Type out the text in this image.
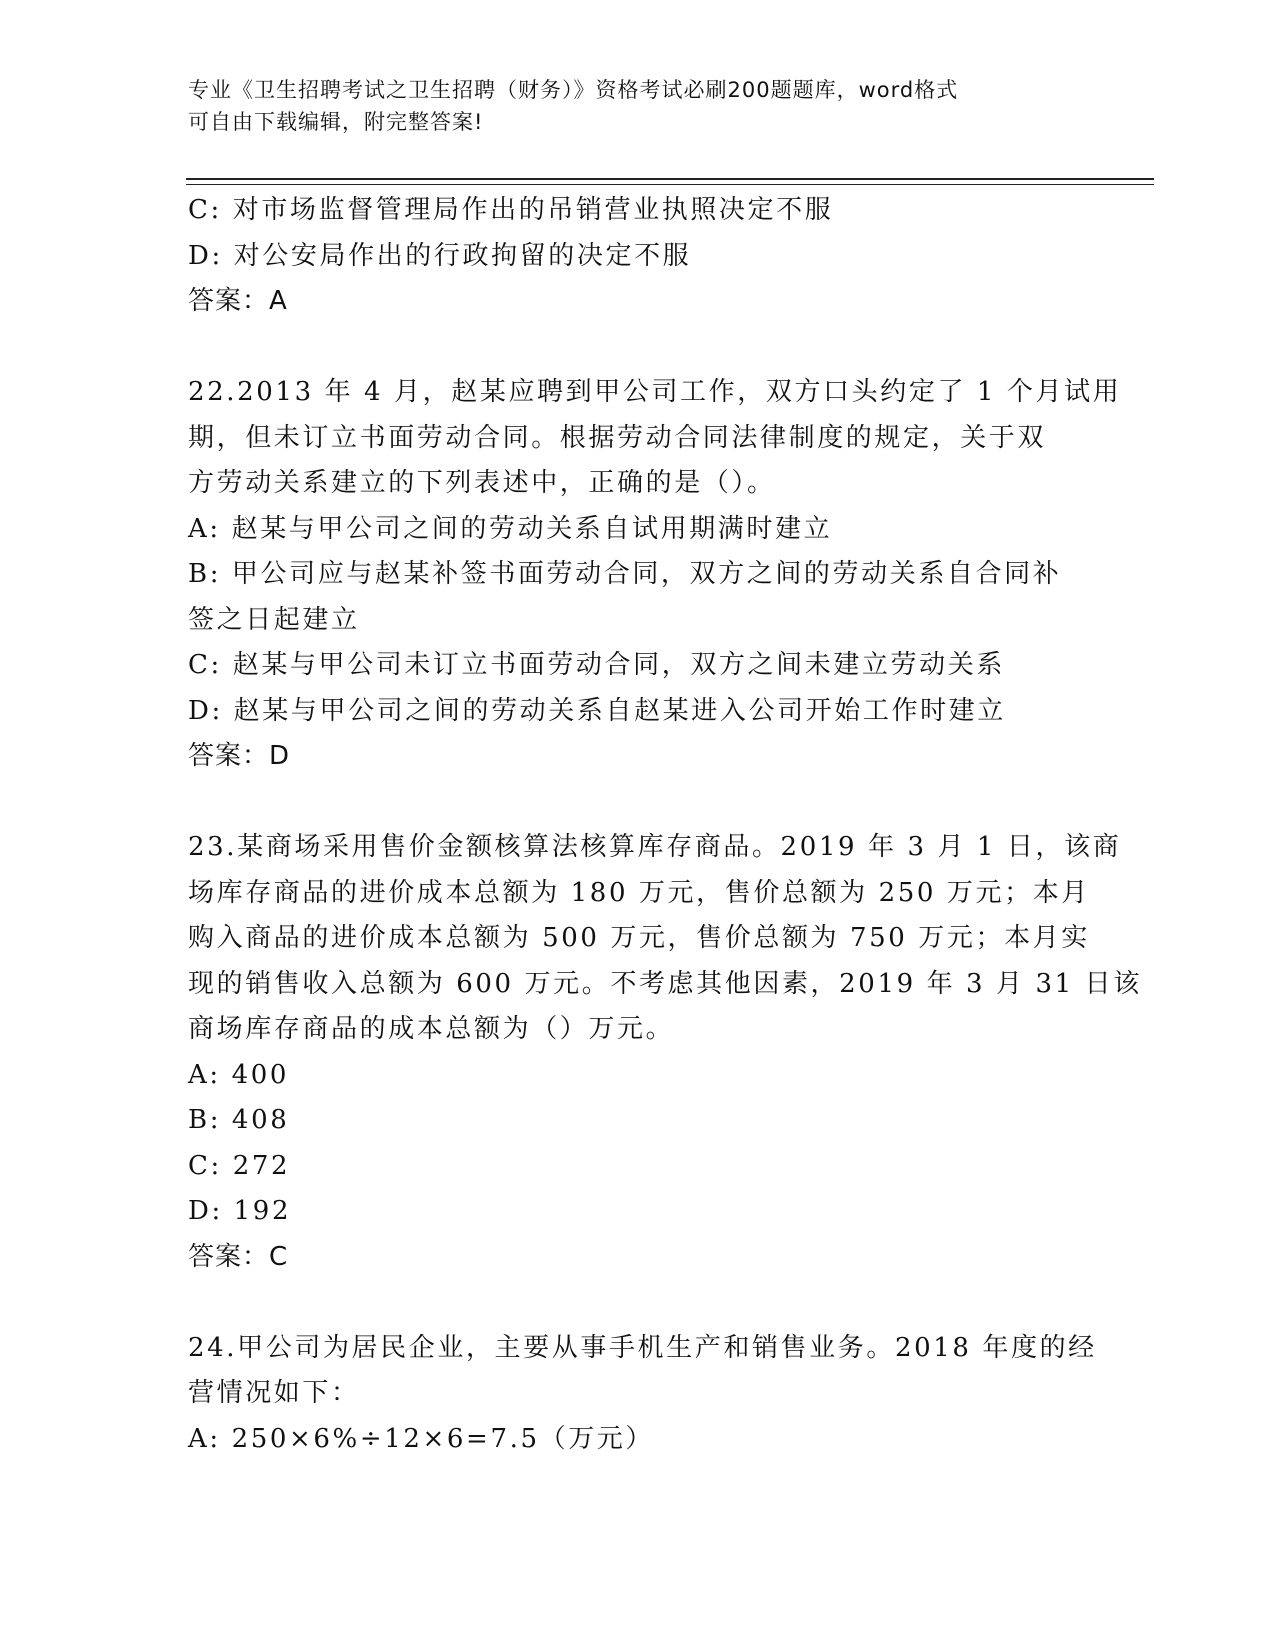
专业《卫生招聘考试之卫生招聘（财务）》资格考试必刷200题题库，word格式
可自由下载编辑，附完整答案!
C: 对市场监督管理局作出的吊销营业执照决定不服
D: 对公安局作出的行政拘留的决定不服
答案：A
22.2013 年 4 月，赵某应聘到甲公司工作，双方口头约定了 1 个月试用
期，但未订立书面劳动合同。根据劳动合同法律制度的规定，关于双
方劳动关系建立的下列表述中，正确的是（）。
A: 赵某与甲公司之间的劳动关系自试用期满时建立
B: 甲公司应与赵某补签书面劳动合同，双方之间的劳动关系自合同补
签之日起建立
C: 赵某与甲公司未订立书面劳动合同，双方之间未建立劳动关系
D: 赵某与甲公司之间的劳动关系自赵某进入公司开始工作时建立
答案：D
23.某商场采用售价金额核算法核算库存商品。2019 年 3 月 1 日，该商
场库存商品的进价成本总额为 180 万元，售价总额为 250 万元；本月
购入商品的进价成本总额为 500 万元，售价总额为 750 万元；本月实
现的销售收入总额为 600 万元。不考虑其他因素，2019 年 3 月 31 日该
商场库存商品的成本总额为（）万元。
A: 400
B: 408
C: 272
D: 192
答案：C
24.甲公司为居民企业，主要从事手机生产和销售业务。2018 年度的经
营情况如下：
A: 250×6%÷12×6=7.5（万元）
